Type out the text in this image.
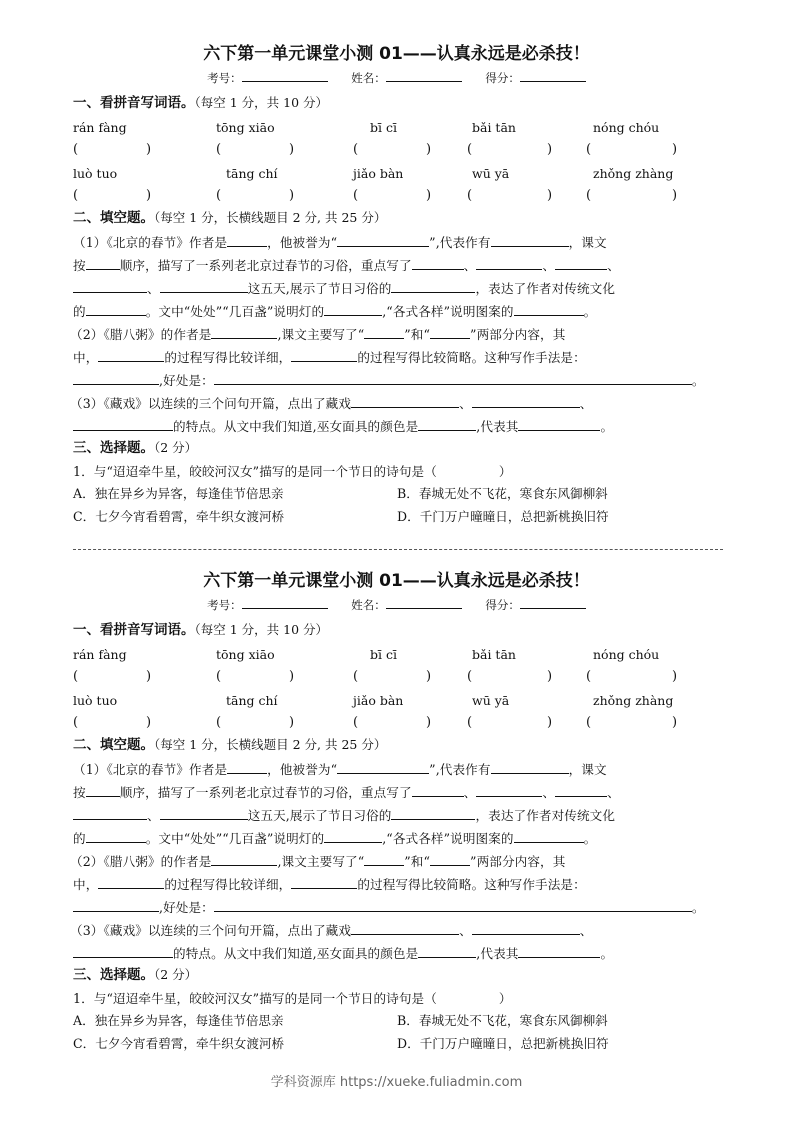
六下第一单元课堂小测 01——认真永远是必杀技！
考号：	姓名：	得分：
一、看拼音写词语。（每空 1 分，共 10 分）
rán fàng	tōng xiāo	bī cī	bǎi tān	nóng chóu
(	)	(	)	(	)	(	)	(	)
luò tuo	tāng chí	jiǎo bàn	wū yā	zhǒng zhàng
(	)	(	)	(	)	(	)	(	)
二、填空题。（每空 1 分，长横线题目 2 分, 共 25 分）
（1）《北京的春节》作者是	，他被誉为“	”,代表作有	，课文
按	顺序，描写了一系列老北京过春节的习俗，重点写了	、	、	、
、	这五天,展示了节日习俗的	，表达了作者对传统文化
的	。文中“处处”“几百盏”说明灯的	,“各式各样”说明图案的	。
（2）《腊八粥》的作者是	,课文主要写了“	”和“	”两部分内容，其
中，	的过程写得比较详细，	的过程写得比较简略。这种写作手法是：
,好处是：	。
（3）《藏戏》以连续的三个问句开篇，点出了藏戏	、	、
的特点。从文中我们知道,巫女面具的颜色是	,代表其	。
三、选择题。（2 分）
1．与“迢迢牵牛星，皎皎河汉女”描写的是同一个节日的诗句是（	）
A．独在异乡为异客，每逢佳节倍思亲	B．春城无处不飞花，寒食东风御柳斜
C．七夕今宵看碧霄，牵牛织女渡河桥	D．千门万户曈曈日，总把新桃换旧符
六下第一单元课堂小测 01——认真永远是必杀技！
考号：	姓名：	得分：
一、看拼音写词语。（每空 1 分，共 10 分）
rán fàng	tōng xiāo	bī cī	bǎi tān	nóng chóu
(	)	(	)	(	)	(	)	(	)
luò tuo	tāng chí	jiǎo bàn	wū yā	zhǒng zhàng
(	)	(	)	(	)	(	)	(	)
二、填空题。（每空 1 分，长横线题目 2 分, 共 25 分）
（1）《北京的春节》作者是	，他被誉为“	”,代表作有	，课文
按	顺序，描写了一系列老北京过春节的习俗，重点写了	、	、	、
、	这五天,展示了节日习俗的	，表达了作者对传统文化
的	。文中“处处”“几百盏”说明灯的	,“各式各样”说明图案的	。
（2）《腊八粥》的作者是	,课文主要写了“	”和“	”两部分内容，其
中，	的过程写得比较详细，	的过程写得比较简略。这种写作手法是：
,好处是：	。
（3）《藏戏》以连续的三个问句开篇，点出了藏戏	、	、
的特点。从文中我们知道,巫女面具的颜色是	,代表其	。
三、选择题。（2 分）
1．与“迢迢牵牛星，皎皎河汉女”描写的是同一个节日的诗句是（	）
A．独在异乡为异客，每逢佳节倍思亲	B．春城无处不飞花，寒食东风御柳斜
C．七夕今宵看碧霄，牵牛织女渡河桥	D．千门万户曈曈日，总把新桃换旧符
学科资源库 https://xueke.fuliadmin.com
